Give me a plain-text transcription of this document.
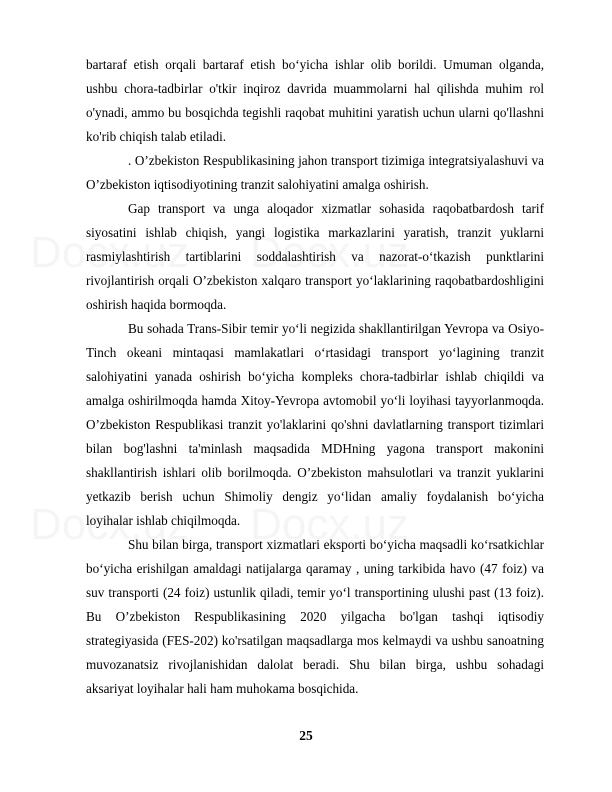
bartaraf etish orqali bartaraf etish bo‘yicha ishlar olib borildi. Umuman olganda,
ushbu chora-tadbirlar o'tkir inqiroz davrida muammolarni hal qilishda muhim rol
o'ynadi, ammo bu bosqichda tegishli raqobat muhitini yaratish uchun ularni qo'llashni
ko'rib chiqish talab etiladi.
. O’zbekiston Respublikasining jahon transport tizimiga integratsiyalashuvi va
O’zbekiston iqtisodiyotining tranzit salohiyatini amalga oshirish.
Gap transport va unga aloqador xizmatlar sohasida raqobatbardosh tarif
siyosatini ishlab chiqish, yangi logistika markazlarini yaratish, tranzit yuklarni
rasmiylashtirish tartiblarini soddalashtirish va nazorat-o‘tkazish punktlarini
rivojlantirish orqali O’zbekiston xalqaro transport yo‘laklarining raqobatbardoshligini
oshirish haqida bormoqda.
Bu sohada Trans-Sibir temir yo‘li negizida shakllantirilgan Yevropa va Osiyo-
Tinch okeani mintaqasi mamlakatlari o‘rtasidagi transport yo‘lagining tranzit
salohiyatini yanada oshirish bo‘yicha kompleks chora-tadbirlar ishlab chiqildi va
amalga oshirilmoqda hamda Xitoy-Yevropa avtomobil yo‘li loyihasi tayyorlanmoqda.
O’zbekiston Respublikasi tranzit yo'laklarini qo'shni davlatlarning transport tizimlari
bilan bog'lashni ta'minlash maqsadida MDHning yagona transport makonini
shakllantirish ishlari olib borilmoqda. O’zbekiston mahsulotlari va tranzit yuklarini
yetkazib berish uchun Shimoliy dengiz yo‘lidan amaliy foydalanish bo‘yicha
loyihalar ishlab chiqilmoqda.
Shu bilan birga, transport xizmatlari eksporti bo‘yicha maqsadli ko‘rsatkichlar
bo‘yicha erishilgan amaldagi natijalarga qaramay , uning tarkibida havo (47 foiz) va
suv transporti (24 foiz) ustunlik qiladi, temir yo‘l transportining ulushi past (13 foiz).
Bu O’zbekiston Respublikasining 2020 yilgacha bo'lgan tashqi iqtisodiy
strategiyasida (FES-202) ko'rsatilgan maqsadlarga mos kelmaydi va ushbu sanoatning
muvozanatsiz rivojlanishidan dalolat beradi. Shu bilan birga, ushbu sohadagi
aksariyat loyihalar hali ham muhokama bosqichida.
25
